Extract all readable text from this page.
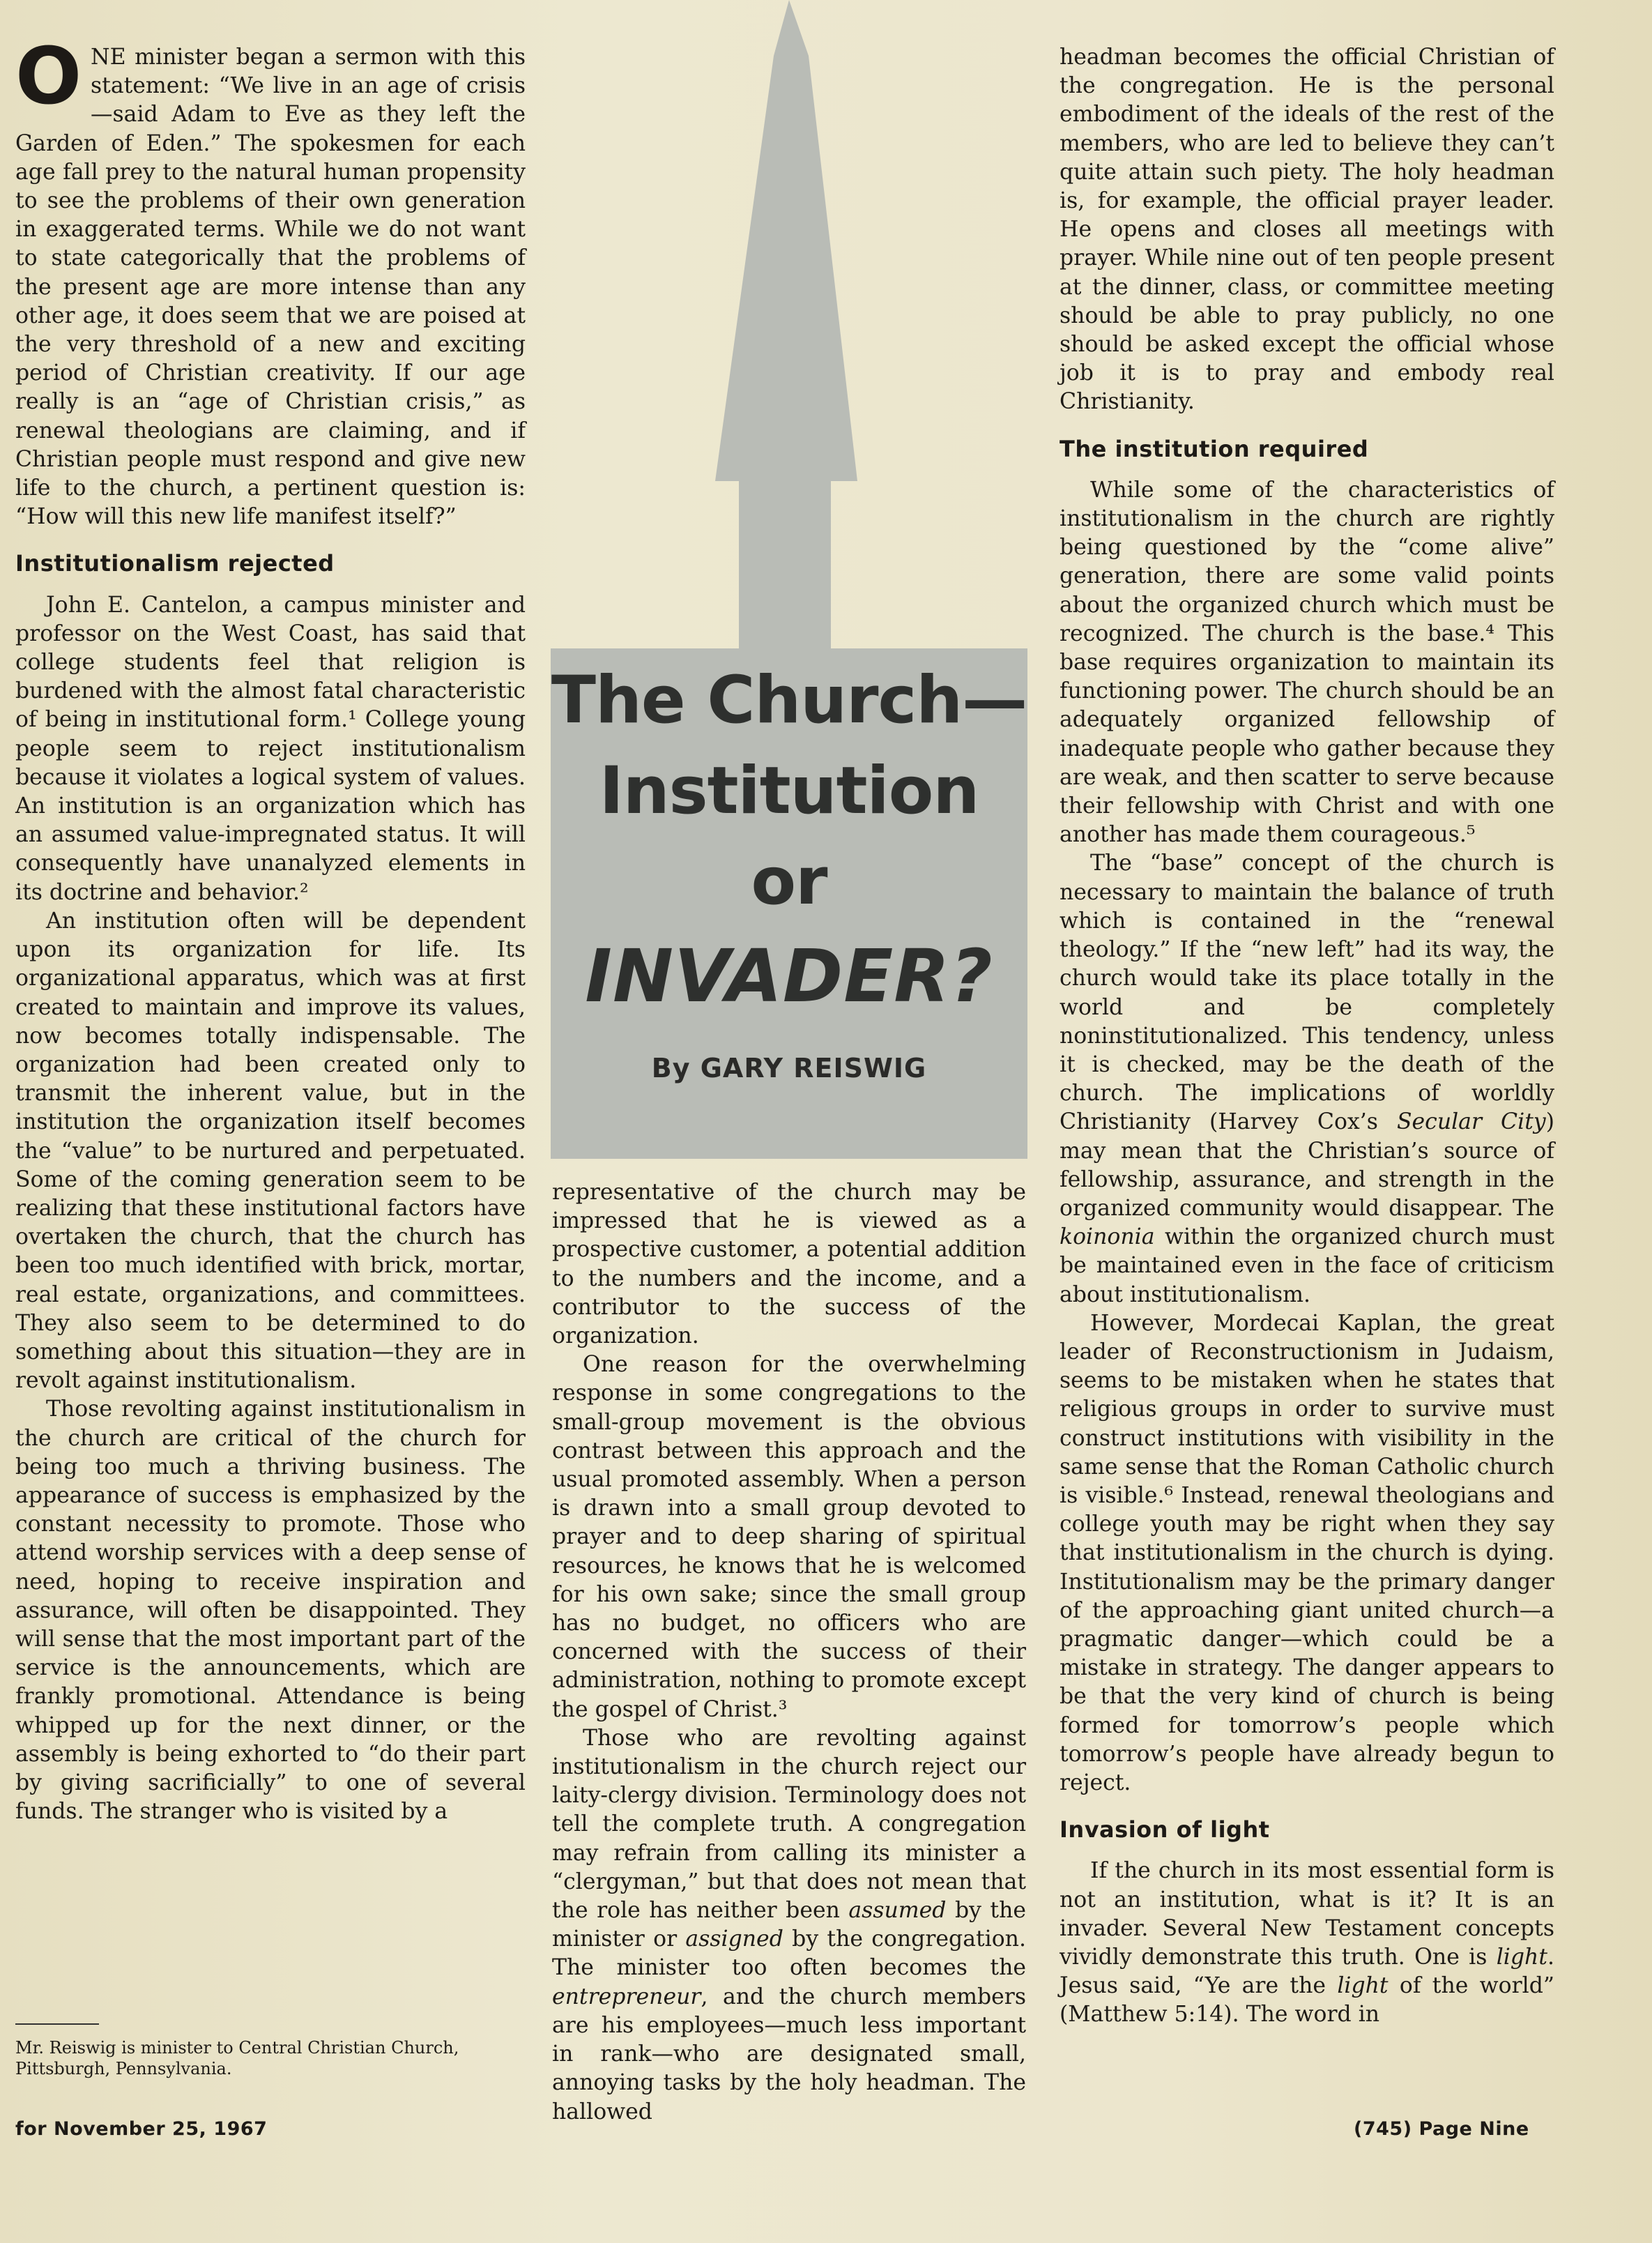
The Church—
Institution
or
INVADER?
By GARY REISWIG

ONE minister began a sermon with this statement: “We live in an age of crisis—said Adam to Eve as they left the Garden of Eden.” The spokesmen for each age fall prey to the natural human propensity to see the problems of their own generation in exaggerated terms. While we do not want to state categorically that the problems of the present age are more intense than any other age, it does seem that we are poised at the very threshold of a new and exciting period of Christian creativity. If our age really is an “age of Christian crisis,” as renewal theologians are claiming, and if Christian people must respond and give new life to the church, a pertinent question is: “How will this new life manifest itself?”

Institutionalism rejected

John E. Cantelon, a campus minister and professor on the West Coast, has said that college students feel that religion is burdened with the almost fatal characteristic of being in institutional form.¹ College young people seem to reject institutionalism because it violates a logical system of values. An institution is an organization which has an assumed value-impregnated status. It will consequently have unanalyzed elements in its doctrine and behavior.²

An institution often will be dependent upon its organization for life. Its organizational apparatus, which was at first created to maintain and improve its values, now becomes totally indispensable. The organization had been created only to transmit the inherent value, but in the institution the organization itself becomes the “value” to be nurtured and perpetuated. Some of the coming generation seem to be realizing that these institutional factors have overtaken the church, that the church has been too much identified with brick, mortar, real estate, organizations, and committees. They also seem to be determined to do something about this situation—they are in revolt against institutionalism.

Those revolting against institutionalism in the church are critical of the church for being too much a thriving business. The appearance of success is emphasized by the constant necessity to promote. Those who attend worship services with a deep sense of need, hoping to receive inspiration and assurance, will often be disappointed. They will sense that the most important part of the service is the announcements, which are frankly promotional. Attendance is being whipped up for the next dinner, or the assembly is being exhorted to “do their part by giving sacrificially” to one of several funds. The stranger who is visited by a

Mr. Reiswig is minister to Central Christian Church, Pittsburgh, Pennsylvania.

representative of the church may be impressed that he is viewed as a prospective customer, a potential addition to the numbers and the income, and a contributor to the success of the organization.

One reason for the overwhelming response in some congregations to the small-group movement is the obvious contrast between this approach and the usual promoted assembly. When a person is drawn into a small group devoted to prayer and to deep sharing of spiritual resources, he knows that he is welcomed for his own sake; since the small group has no budget, no officers who are concerned with the success of their administration, nothing to promote except the gospel of Christ.³

Those who are revolting against institutionalism in the church reject our laity-clergy division. Terminology does not tell the complete truth. A congregation may refrain from calling its minister a “clergyman,” but that does not mean that the role has neither been assumed by the minister or assigned by the congregation. The minister too often becomes the entrepreneur, and the church members are his employees—much less important in rank—who are designated small, annoying tasks by the holy headman. The hallowed

headman becomes the official Christian of the congregation. He is the personal embodiment of the ideals of the rest of the members, who are led to believe they can’t quite attain such piety. The holy headman is, for example, the official prayer leader. He opens and closes all meetings with prayer. While nine out of ten people present at the dinner, class, or committee meeting should be able to pray publicly, no one should be asked except the official whose job it is to pray and embody real Christianity.

The institution required

While some of the characteristics of institutionalism in the church are rightly being questioned by the “come alive” generation, there are some valid points about the organized church which must be recognized. The church is the base.⁴ This base requires organization to maintain its functioning power. The church should be an adequately organized fellowship of inadequate people who gather because they are weak, and then scatter to serve because their fellowship with Christ and with one another has made them courageous.⁵

The “base” concept of the church is necessary to maintain the balance of truth which is contained in the “renewal theology.” If the “new left” had its way, the church would take its place totally in the world and be completely noninstitutionalized. This tendency, unless it is checked, may be the death of the church. The implications of worldly Christianity (Harvey Cox’s Secular City) may mean that the Christian’s source of fellowship, assurance, and strength in the organized community would disappear. The koinonia within the organized church must be maintained even in the face of criticism about institutionalism.

However, Mordecai Kaplan, the great leader of Reconstructionism in Judaism, seems to be mistaken when he states that religious groups in order to survive must construct institutions with visibility in the same sense that the Roman Catholic church is visible.⁶ Instead, renewal theologians and college youth may be right when they say that institutionalism in the church is dying. Institutionalism may be the primary danger of the approaching giant united church—a pragmatic danger—which could be a mistake in strategy. The danger appears to be that the very kind of church is being formed for tomorrow’s people which tomorrow’s people have already begun to reject.

Invasion of light

If the church in its most essential form is not an institution, what is it? It is an invader. Several New Testament concepts vividly demonstrate this truth. One is light. Jesus said, “Ye are the light of the world” (Matthew 5:14). The word in

for November 25, 1967	(745) Page Nine
